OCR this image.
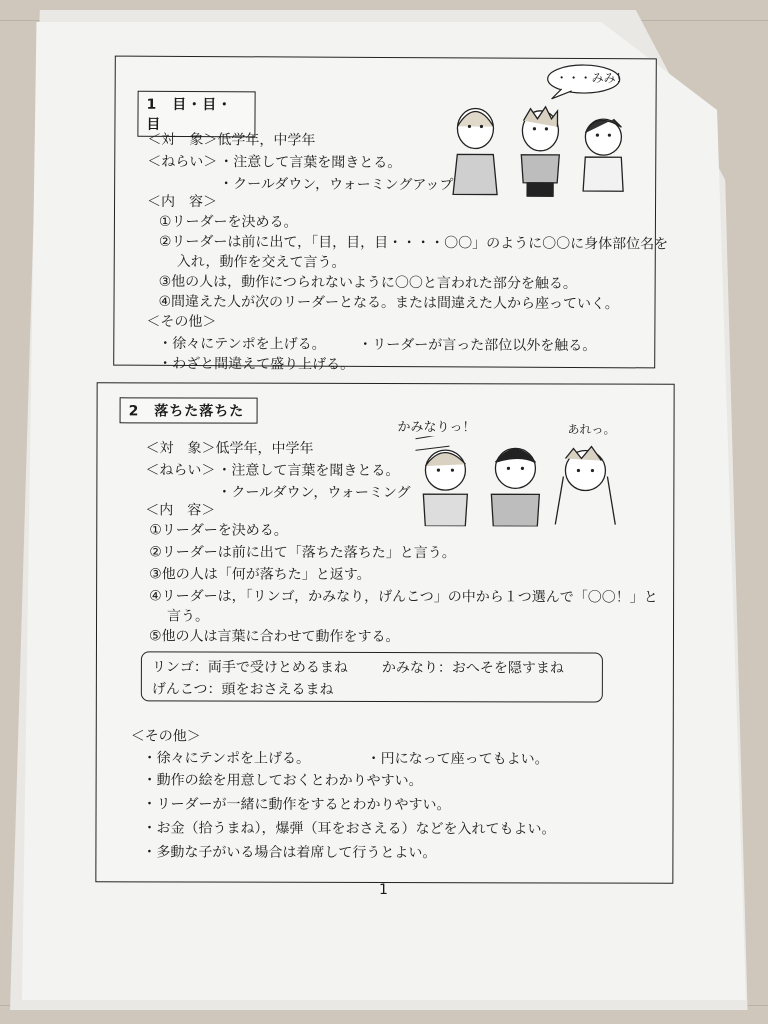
1　目・目・目
＜対　象＞ 低学年，中学年
＜ねらい＞ ・注意して言葉を聞きとる。
・クールダウン，ウォーミングアップ
＜内　容＞
①リーダーを決める。
②リーダーは前に出て，「目，目，目・・・・〇〇」のように〇〇に身体部位名を
入れ，動作を交えて言う。
③他の人は，動作につられないように〇〇と言われた部分を触る。
④間違えた人が次のリーダーとなる。または間違えた人から座っていく。
＜その他＞
・徐々にテンポを上げる。 ・リーダーが言った部位以外を触る。
・わざと間違えて盛り上げる。
・・・みみ！
2　落ちた落ちた
＜対　象＞ 低学年，中学年
＜ねらい＞ ・注意して言葉を聞きとる。
・クールダウン，ウォーミング
＜内　容＞
①リーダーを決める。
②リーダーは前に出て「落ちた落ちた」と言う。
③他の人は「何が落ちた」と返す。
④リーダーは，「リンゴ，かみなり，げんこつ」の中から１つ選んで「〇〇！」と
言う。
⑤他の人は言葉に合わせて動作をする。
リンゴ：両手で受けとめるまね かみなり：おへそを隠すまね
げんこつ：頭をおさえるまね
＜その他＞
・徐々にテンポを上げる。	・円になって座ってもよい。
・動作の絵を用意しておくとわかりやすい。
・リーダーが一緒に動作をするとわかりやすい。
・お金（拾うまね），爆弾（耳をおさえる）などを入れてもよい。
・多動な子がいる場合は着席して行うとよい。
かみなりっ！	あれっ。
1
